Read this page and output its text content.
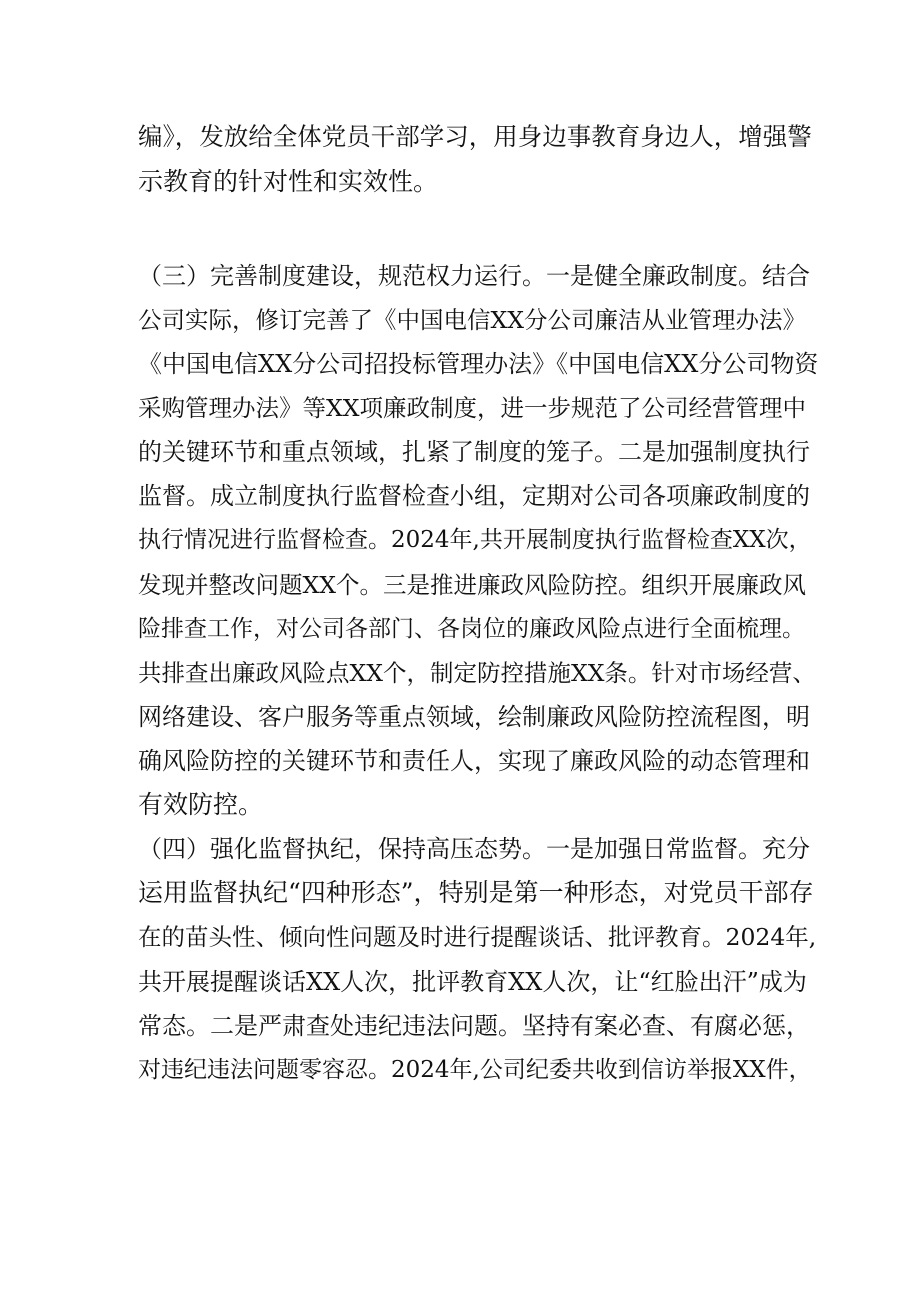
编》，发放给全体党员干部学习，用身边事教育身边人，增强警
示教育的针对性和实效性。
（三）完善制度建设，规范权力运行。一是健全廉政制度。结合
公司实际，修订完善了《中国电信XX分公司廉洁从业管理办法》
《中国电信XX分公司招投标管理办法》《中国电信XX分公司物资
采购管理办法》等XX项廉政制度，进一步规范了公司经营管理中
的关键环节和重点领域，扎紧了制度的笼子。二是加强制度执行
监督。成立制度执行监督检查小组，定期对公司各项廉政制度的
执行情况进行监督检查。2024年,共开展制度执行监督检查XX次，
发现并整改问题XX个。三是推进廉政风险防控。组织开展廉政风
险排查工作，对公司各部门、各岗位的廉政风险点进行全面梳理。
共排查出廉政风险点XX个，制定防控措施XX条。针对市场经营、
网络建设、客户服务等重点领域，绘制廉政风险防控流程图，明
确风险防控的关键环节和责任人，实现了廉政风险的动态管理和
有效防控。
（四）强化监督执纪，保持高压态势。一是加强日常监督。充分
运用监督执纪“四种形态”，特别是第一种形态，对党员干部存
在的苗头性、倾向性问题及时进行提醒谈话、批评教育。2024年,
共开展提醒谈话XX人次，批评教育XX人次，让“红脸出汗”成为
常态。二是严肃查处违纪违法问题。坚持有案必查、有腐必惩，
对违纪违法问题零容忍。2024年,公司纪委共收到信访举报XX件，
